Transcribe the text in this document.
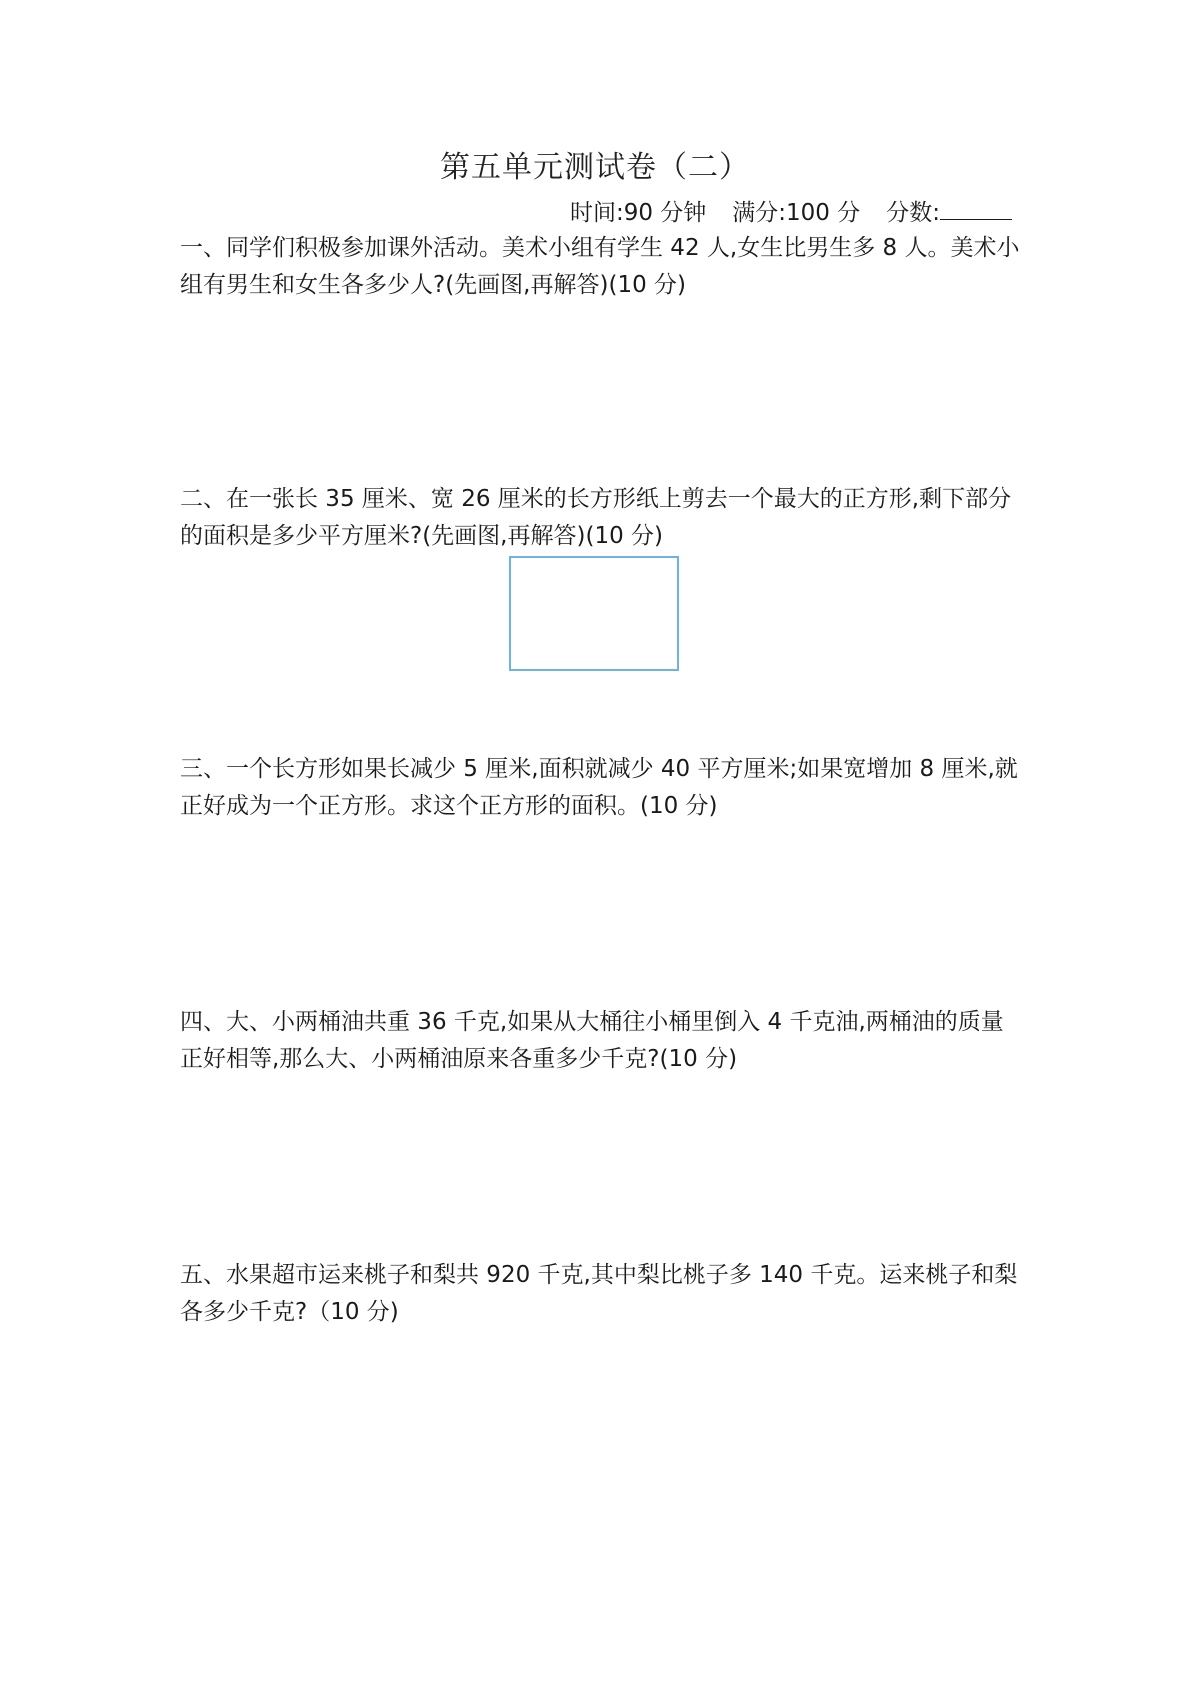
第五单元测试卷（二）
时间:90 分钟 满分:100 分 分数:

一、同学们积极参加课外活动。美术小组有学生 42 人,女生比男生多 8 人。美术小组有男生和女生各多少人?(先画图,再解答)(10 分)

二、在一张长 35 厘米、宽 26 厘米的长方形纸上剪去一个最大的正方形,剩下部分的面积是多少平方厘米?(先画图,再解答)(10 分)

三、一个长方形如果长减少 5 厘米,面积就减少 40 平方厘米;如果宽增加 8 厘米,就正好成为一个正方形。求这个正方形的面积。(10 分)

四、大、小两桶油共重 36 千克,如果从大桶往小桶里倒入 4 千克油,两桶油的质量正好相等,那么大、小两桶油原来各重多少千克?(10 分)

五、水果超市运来桃子和梨共 920 千克,其中梨比桃子多 140 千克。运来桃子和梨各多少千克?（10 分)
